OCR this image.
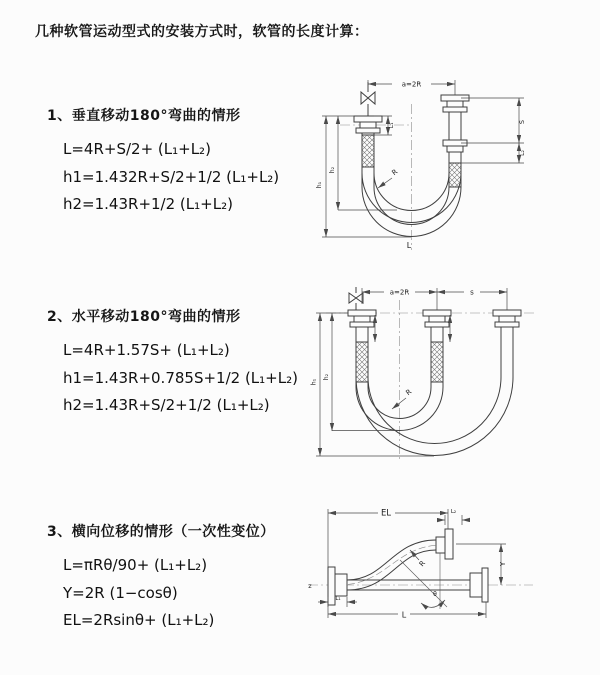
几种软管运动型式的安装方式时，软管的长度计算：
1、垂直移动180°弯曲的情形
L=4R+S/2+ (L₁+L₂)
h1=1.432R+S/2+1/2 (L₁+L₂)
h2=1.43R+1/2 (L₁+L₂)
2、水平移动180°弯曲的情形
L=4R+1.57S+ (L₁+L₂)
h1=1.43R+0.785S+1/2 (L₁+L₂)
h2=1.43R+S/2+1/2 (L₁+L₂)
3、横向位移的情形（一次性变位）
L=πRθ/90+ (L₁+L₂)
Y=2R (1−cosθ)
EL=2Rsinθ+ (L₁+L₂)
a=2R
S
L₂
L₁
h₁
h₂	R
L
a=2R	s
h₁
h₂
R
EL	L₂
Y
R
θ
L
L₁
z
